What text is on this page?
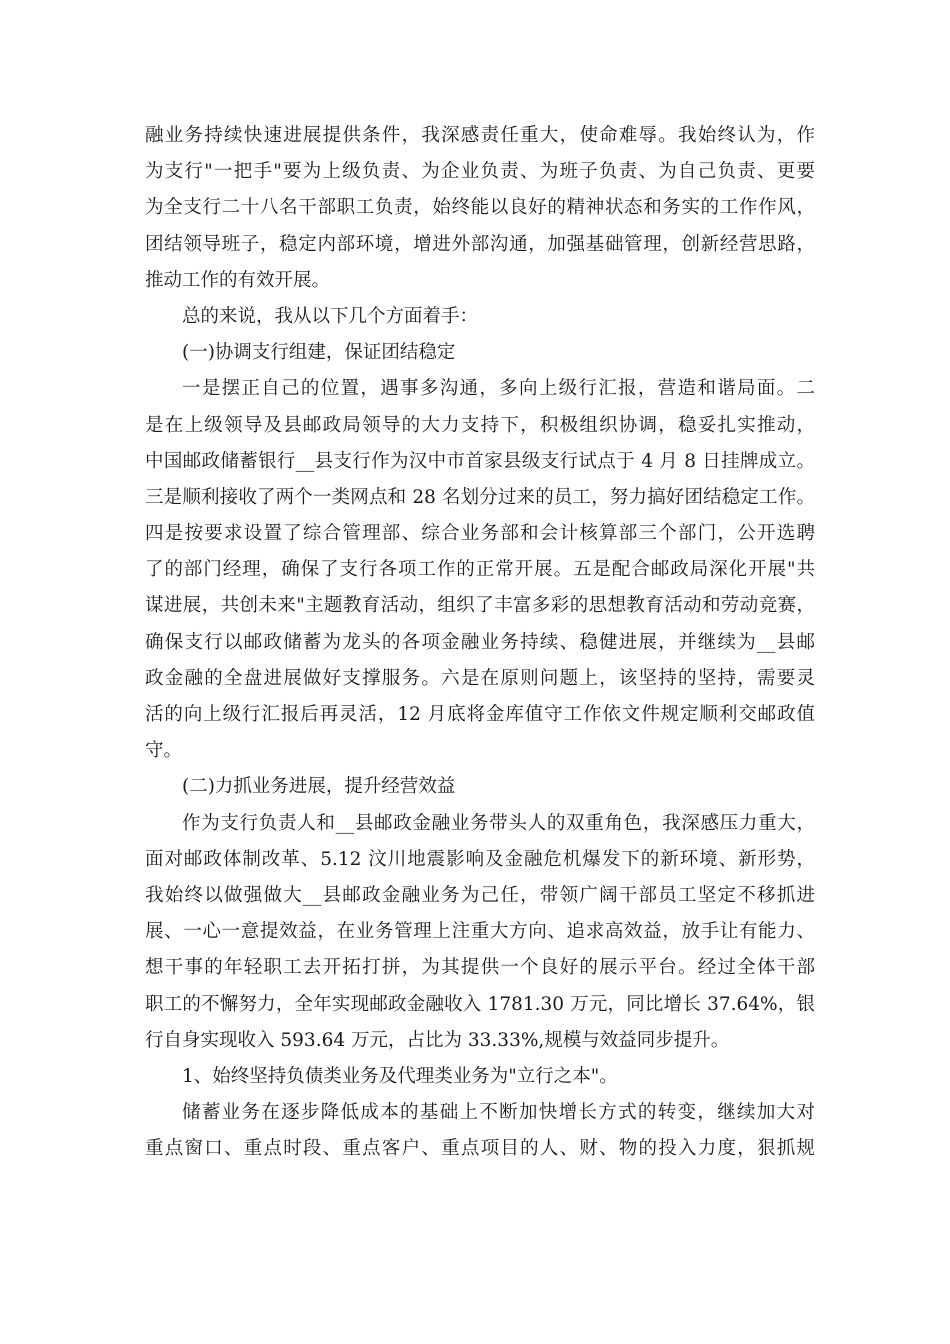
融业务持续快速进展提供条件，我深感责任重大，使命难辱。我始终认为，作
为支行"一把手"要为上级负责、为企业负责、为班子负责、为自己负责、更要
为全支行二十八名干部职工负责，始终能以良好的精神状态和务实的工作作风，
团结领导班子，稳定内部环境，增进外部沟通，加强基础管理，创新经营思路，
推动工作的有效开展。
总的来说，我从以下几个方面着手：
(一)协调支行组建，保证团结稳定
一是摆正自己的位置，遇事多沟通，多向上级行汇报，营造和谐局面。二
是在上级领导及县邮政局领导的大力支持下，积极组织协调，稳妥扎实推动，
中国邮政储蓄银行__县支行作为汉中市首家县级支行试点于 4 月 8 日挂牌成立。
三是顺利接收了两个一类网点和 28 名划分过来的员工，努力搞好团结稳定工作。
四是按要求设置了综合管理部、综合业务部和会计核算部三个部门，公开选聘
了的部门经理，确保了支行各项工作的正常开展。五是配合邮政局深化开展"共
谋进展，共创未来"主题教育活动，组织了丰富多彩的思想教育活动和劳动竞赛，
确保支行以邮政储蓄为龙头的各项金融业务持续、稳健进展，并继续为__县邮
政金融的全盘进展做好支撑服务。六是在原则问题上，该坚持的坚持，需要灵
活的向上级行汇报后再灵活，12 月底将金库值守工作依文件规定顺利交邮政值
守。
(二)力抓业务进展，提升经营效益
作为支行负责人和__县邮政金融业务带头人的双重角色，我深感压力重大，
面对邮政体制改革、5.12 汶川地震影响及金融危机爆发下的新环境、新形势，
我始终以做强做大__县邮政金融业务为己任，带领广阔干部员工坚定不移抓进
展、一心一意提效益，在业务管理上注重大方向、追求高效益，放手让有能力、
想干事的年轻职工去开拓打拼，为其提供一个良好的展示平台。经过全体干部
职工的不懈努力，全年实现邮政金融收入 1781.30 万元，同比增长 37.64%，银
行自身实现收入 593.64 万元，占比为 33.33%,规模与效益同步提升。
1、始终坚持负债类业务及代理类业务为"立行之本"。
储蓄业务在逐步降低成本的基础上不断加快增长方式的转变，继续加大对
重点窗口、重点时段、重点客户、重点项目的人、财、物的投入力度，狠抓规
